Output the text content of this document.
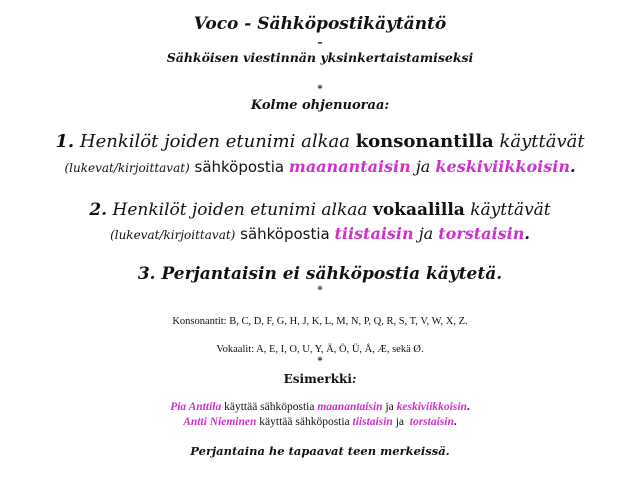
Voco - Sähköpostikäytäntö
–
Sähköisen viestinnän yksinkertaistamiseksi
*
Kolme ohjenuoraa:
1. Henkilöt joiden etunimi alkaa konsonantilla käyttävät
(lukevat/kirjoittavat) sähköpostia maanantaisin ja keskiviikkoisin.
2. Henkilöt joiden etunimi alkaa vokaalilla käyttävät
(lukevat/kirjoittavat) sähköpostia tiistaisin ja torstaisin.
3. Perjantaisin ei sähköpostia käytetä.
*
Konsonantit: B, C, D, F, G, H, J, K, L, M, N, P, Q, R, S, T, V, W, X, Z.
Vokaalit: A, E, I, O, U, Y, Ä, Ö, Ü, Å, Æ, sekä Ø.
*
Esimerkki:
Pia Anttila käyttää sähköpostia maanantaisin ja keskiviikkoisin.
Antti Nieminen käyttää sähköpostia tiistaisin ja  torstaisin.
Perjantaina he tapaavat teen merkeissä.
